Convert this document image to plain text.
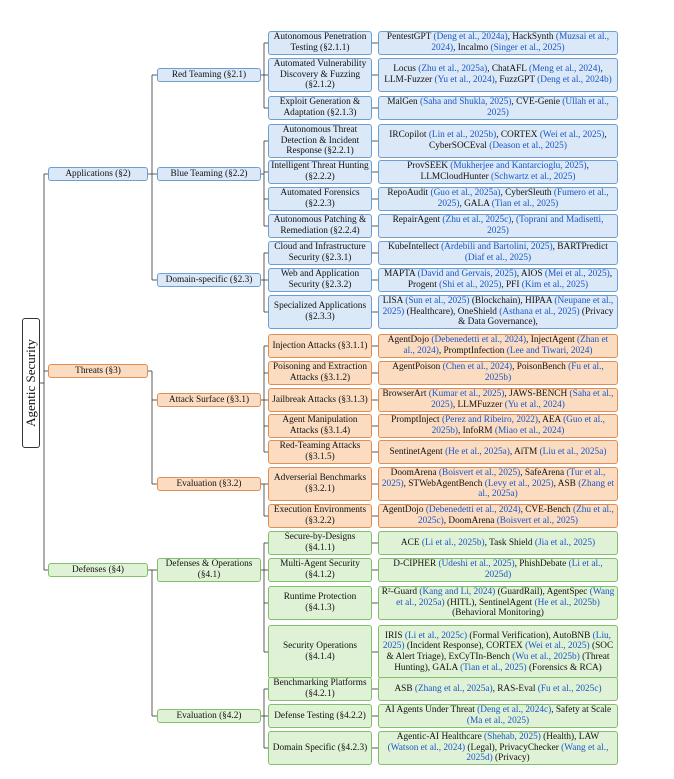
Agentic Security
Applications (§2)
Threats (§3)
Defenses (§4)
Red Teaming (§2.1)
Blue Teaming (§2.2)
Domain-specific (§2.3)
Attack Surface (§3.1)
Evaluation (§3.2)
Defenses & Operations (§4.1)
Evaluation (§4.2)
Autonomous Penetration Testing (§2.1.1)
PentestGPT (Deng et al., 2024a), HackSynth (Muzsai et al., 2024), Incalmo (Singer et al., 2025)
Automated Vulnerability Discovery & Fuzzing (§2.1.2)
Locus (Zhu et al., 2025a), ChatAFL (Meng et al., 2024), LLM-Fuzzer (Yu et al., 2024), FuzzGPT (Deng et al., 2024b)
Exploit Generation & Adaptation (§2.1.3)
MalGen (Saha and Shukla, 2025), CVE-Genie (Ullah et al., 2025)
Autonomous Threat Detection & Incident Response (§2.2.1)
IRCopilot (Lin et al., 2025b), CORTEX (Wei et al., 2025), CyberSOCEval (Deason et al., 2025)
Intelligent Threat Hunting (§2.2.2)
ProvSEEK (Mukherjee and Kantarcioglu, 2025), LLMCloudHunter (Schwartz et al., 2025)
Automated Forensics (§2.2.3)
RepoAudit (Guo et al., 2025a), CyberSleuth (Fumero et al., 2025), GALA (Tian et al., 2025)
Autonomous Patching & Remediation (§2.2.4)
RepairAgent (Zhu et al., 2025c), (Toprani and Madisetti, 2025)
Cloud and Infrastructure Security (§2.3.1)
KubeIntellect (Ardebili and Bartolini, 2025), BARTPredict (Diaf et al., 2025)
Web and Application Security (§2.3.2)
MAPTA (David and Gervais, 2025), AIOS (Mei et al., 2025), Progent (Shi et al., 2025), PFI (Kim et al., 2025)
Specialized Applications (§2.3.3)
LISA (Sun et al., 2025) (Blockchain), HIPAA (Neupane et al., 2025) (Healthcare), OneShield (Asthana et al., 2025) (Privacy & Data Governance),
Injection Attacks (§3.1.1)
AgentDojo (Debenedetti et al., 2024), InjectAgent (Zhan et al., 2024), PromptInfection (Lee and Tiwari, 2024)
Poisoning and Extraction Attacks (§3.1.2)
AgentPoison (Chen et al., 2024), PoisonBench (Fu et al., 2025b)
Jailbreak Attacks (§3.1.3)
BrowserArt (Kumar et al., 2025), JAWS-BENCH (Saha et al., 2025), LLMFuzzer (Yu et al., 2024)
Agent Manipulation Attacks (§3.1.4)
PromptInject (Perez and Ribeiro, 2022), AEA (Guo et al., 2025b), InfoRM (Miao et al., 2024)
Red-Teaming Attacks (§3.1.5)
SentinetAgent (He et al., 2025a), AiTM (Liu et al., 2025a)
Adverserial Benchmarks (§3.2.1)
DoomArena (Boisvert et al., 2025), SafeArena (Tur et al., 2025), STWebAgentBench (Levy et al., 2025), ASB (Zhang et al., 2025a)
Execution Environments (§3.2.2)
AgentDojo (Debenedetti et al., 2024), CVE-Bench (Zhu et al., 2025c), DoomArena (Boisvert et al., 2025)
Secure-by-Designs (§4.1.1)
ACE (Li et al., 2025b), Task Shield (Jia et al., 2025)
Multi-Agent Security (§4.1.2)
D-CIPHER (Udeshi et al., 2025), PhishDebate (Li et al., 2025d)
Runtime Protection (§4.1.3)
R²-Guard (Kang and Li, 2024) (GuardRail), AgentSpec (Wang et al., 2025a) (HITL), SentinelAgent (He et al., 2025b) (Behavioral Monitoring)
Security Operations (§4.1.4)
IRIS (Li et al., 2025c) (Formal Verification), AutoBNB (Liu, 2025) (Incident Response), CORTEX (Wei et al., 2025) (SOC & Alert Triage), ExCyTIn-Bench (Wu et al., 2025b) (Threat Hunting), GALA (Tian et al., 2025) (Forensics & RCA)
Benchmarking Platforms (§4.2.1)
ASB (Zhang et al., 2025a), RAS-Eval (Fu et al., 2025c)
Defense Testing (§4.2.2)
AI Agents Under Threat (Deng et al., 2024c), Safety at Scale (Ma et al., 2025)
Domain Specific (§4.2.3)
Agentic-AI Healthcare (Shehab, 2025) (Health), LAW (Watson et al., 2024) (Legal), PrivacyChecker (Wang et al., 2025d) (Privacy)
